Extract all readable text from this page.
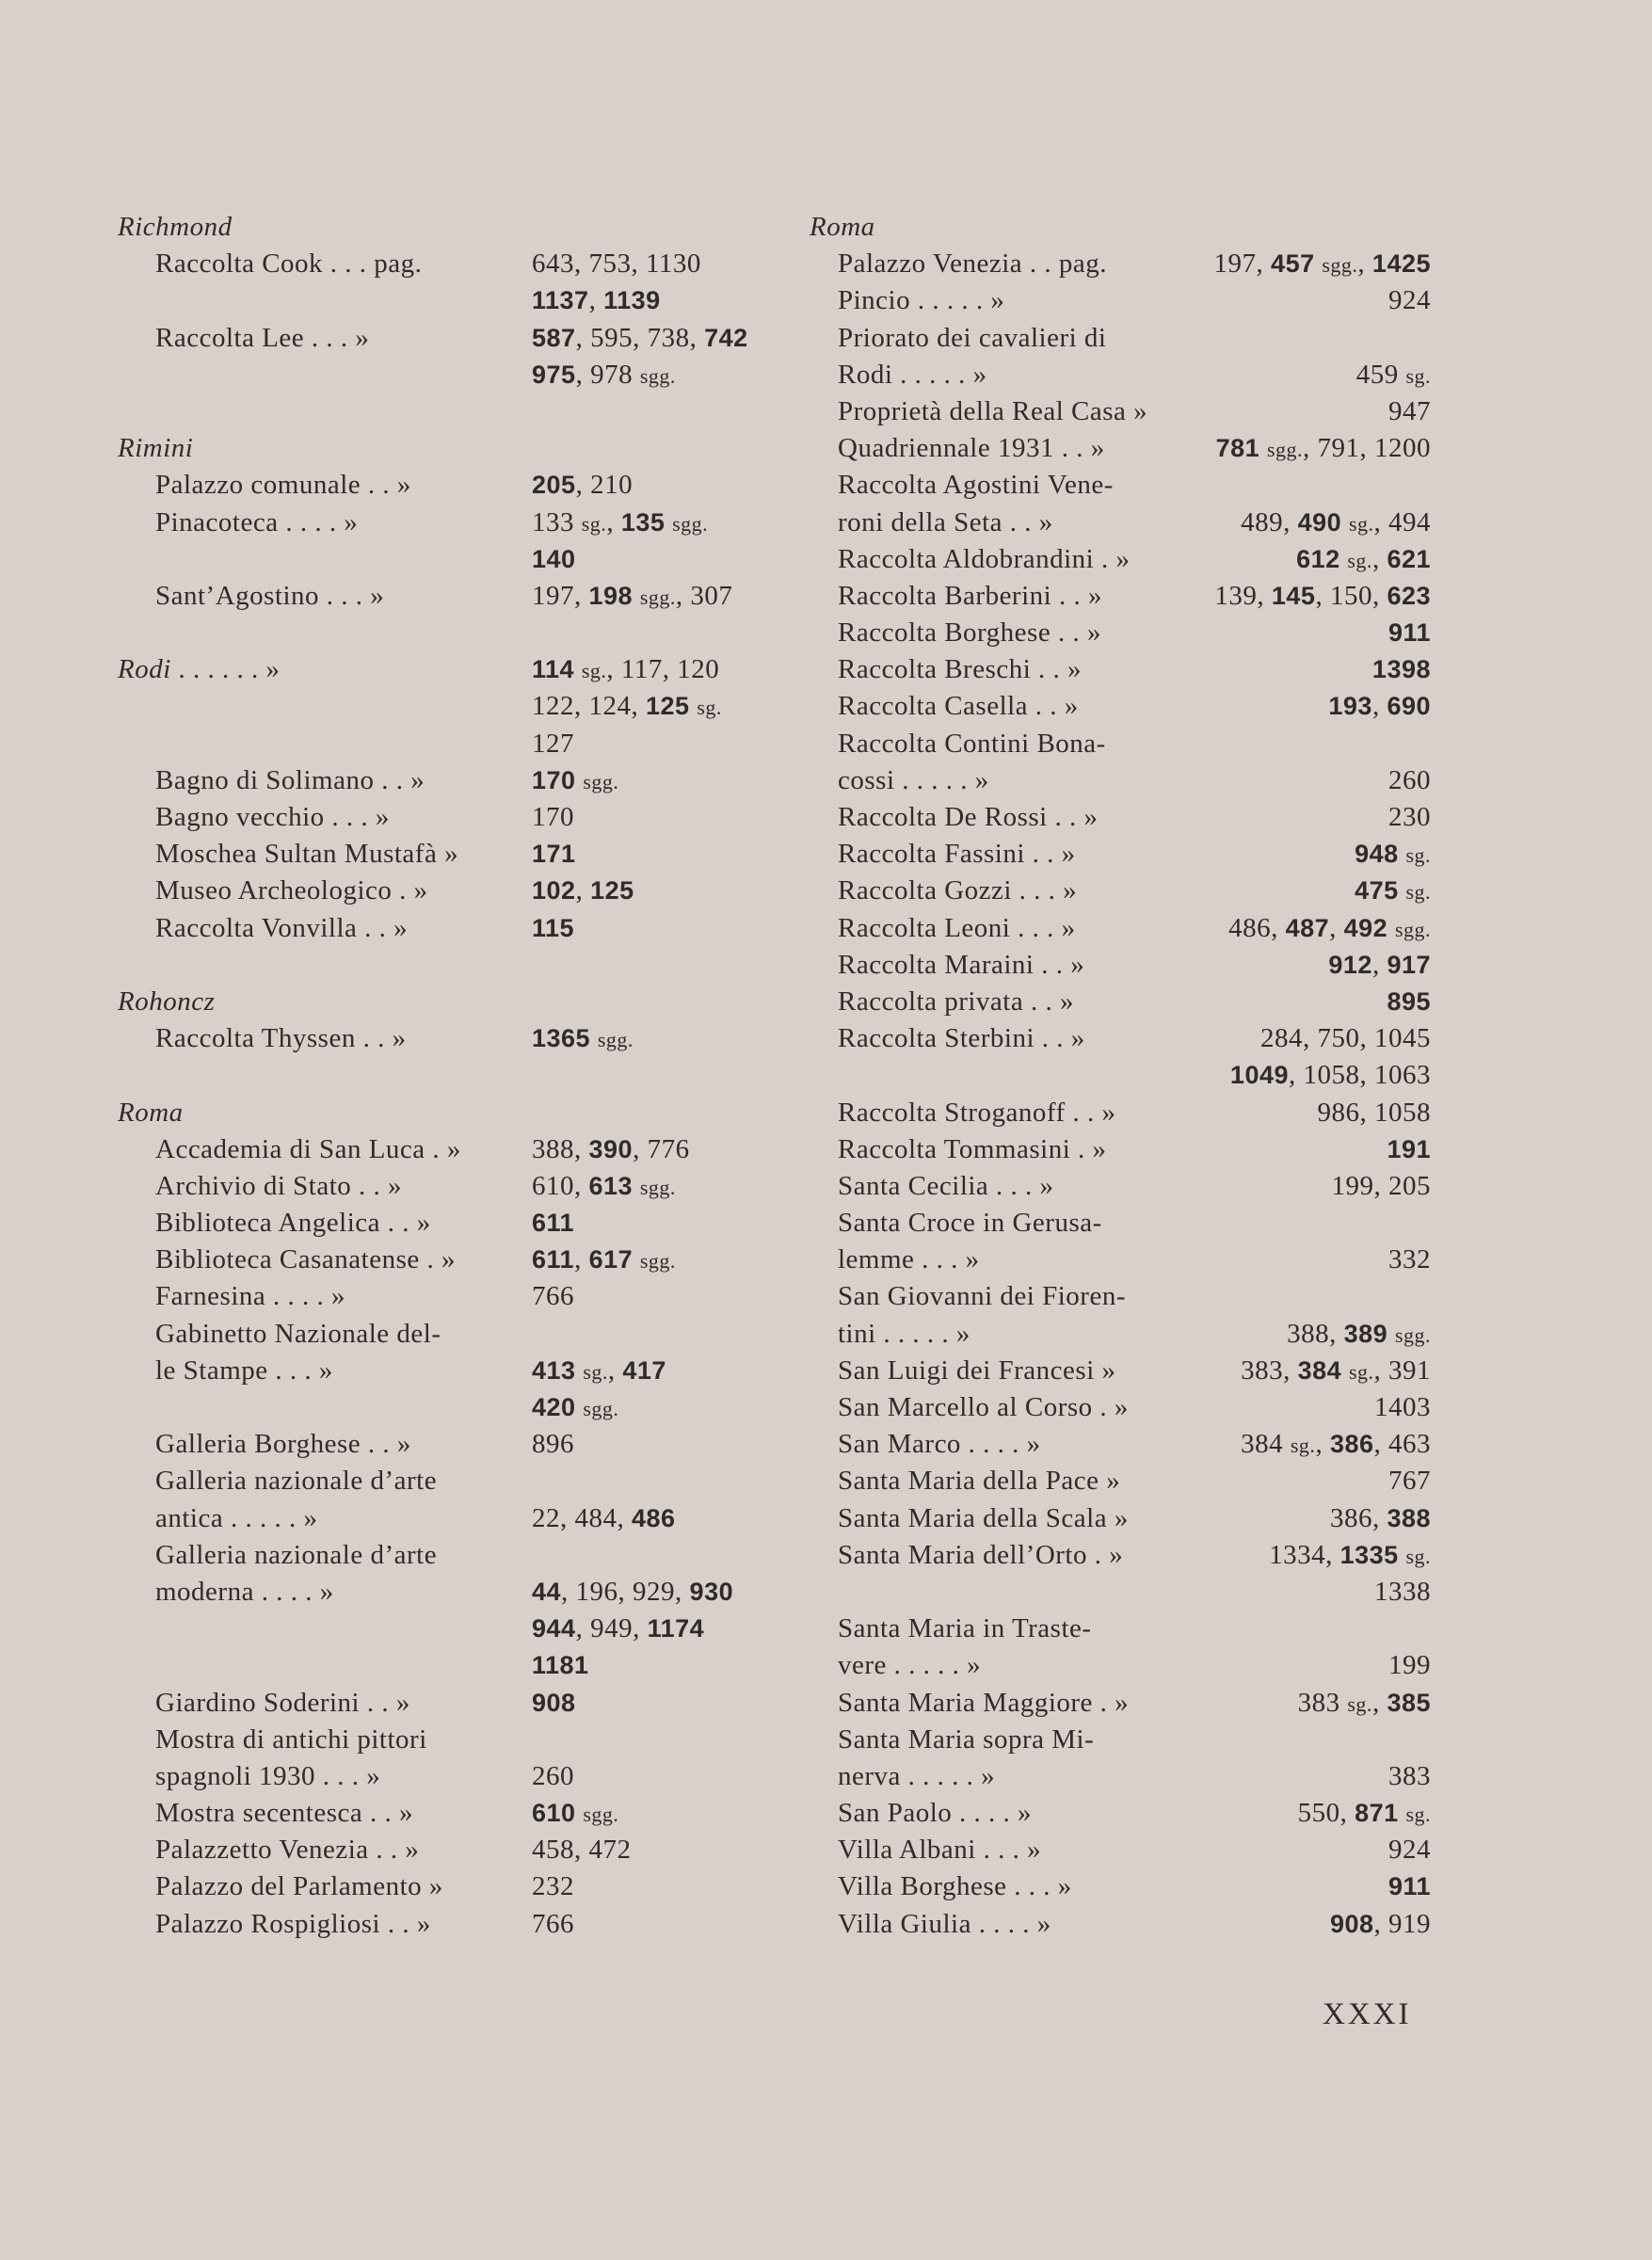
Richmond
Raccolta Cook . . . pag.	643, 753, 1130
1137, 1139
Raccolta Lee . . . »	587, 595, 738, 742
975, 978 sgg.
Rimini
Palazzo comunale . . »	205, 210
Pinacoteca . . . . »	133 sg., 135 sgg.
140
Sant’Agostino . . . »	197, 198 sgg., 307
Rodi . . . . . . »	114 sg., 117, 120
122, 124, 125 sg.
127
Bagno di Solimano . . »	170 sgg.
Bagno vecchio . . . »	170
Moschea Sultan Mustafà »	171
Museo Archeologico . »	102, 125
Raccolta Vonvilla . . »	115
Rohoncz
Raccolta Thyssen . . »	1365 sgg.
Roma
Accademia di San Luca . »	388, 390, 776
Archivio di Stato . . »	610, 613 sgg.
Biblioteca Angelica . . »	611
Biblioteca Casanatense . »	611, 617 sgg.
Farnesina . . . . »	766
Gabinetto Nazionale del-
le Stampe . . . »	413 sg., 417
420 sgg.
Galleria Borghese . . »	896
Galleria nazionale d’arte
antica . . . . . »	22, 484, 486
Galleria nazionale d’arte
moderna . . . . »	44, 196, 929, 930
944, 949, 1174
1181
Giardino Soderini . . »	908
Mostra di antichi pittori
spagnoli 1930 . . . »	260
Mostra secentesca . . »	610 sgg.
Palazzetto Venezia . . »	458, 472
Palazzo del Parlamento »	232
Palazzo Rospigliosi . . »	766
Roma
Palazzo Venezia . . pag.	197, 457 sgg., 1425
Pincio . . . . . »	924
Priorato dei cavalieri di
Rodi . . . . . »	459 sg.
Proprietà della Real Casa »	947
Quadriennale 1931 . . »	781 sgg., 791, 1200
Raccolta Agostini Vene-
roni della Seta . . »	489, 490 sg., 494
Raccolta Aldobrandini . »	612 sg., 621
Raccolta Barberini . . »	139, 145, 150, 623
Raccolta Borghese . . »	911
Raccolta Breschi . . »	1398
Raccolta Casella . . »	193, 690
Raccolta Contini Bona-
cossi . . . . . »	260
Raccolta De Rossi . . »	230
Raccolta Fassini . . »	948 sg.
Raccolta Gozzi . . . »	475 sg.
Raccolta Leoni . . . »	486, 487, 492 sgg.
Raccolta Maraini . . »	912, 917
Raccolta privata . . »	895
Raccolta Sterbini . . »	284, 750, 1045
1049, 1058, 1063
Raccolta Stroganoff . . »	986, 1058
Raccolta Tommasini . »	191
Santa Cecilia . . . »	199, 205
Santa Croce in Gerusa-
lemme . . . »	332
San Giovanni dei Fioren-
tini . . . . . »	388, 389 sgg.
San Luigi dei Francesi »	383, 384 sg., 391
San Marcello al Corso . »	1403
San Marco . . . . »	384 sg., 386, 463
Santa Maria della Pace »	767
Santa Maria della Scala »	386, 388
Santa Maria dell’Orto . »	1334, 1335 sg.
1338
Santa Maria in Traste-
vere . . . . . »	199
Santa Maria Maggiore . »	383 sg., 385
Santa Maria sopra Mi-
nerva . . . . . »	383
San Paolo . . . . »	550, 871 sg.
Villa Albani . . . »	924
Villa Borghese . . . »	911
Villa Giulia . . . . »	908, 919
XXXI
